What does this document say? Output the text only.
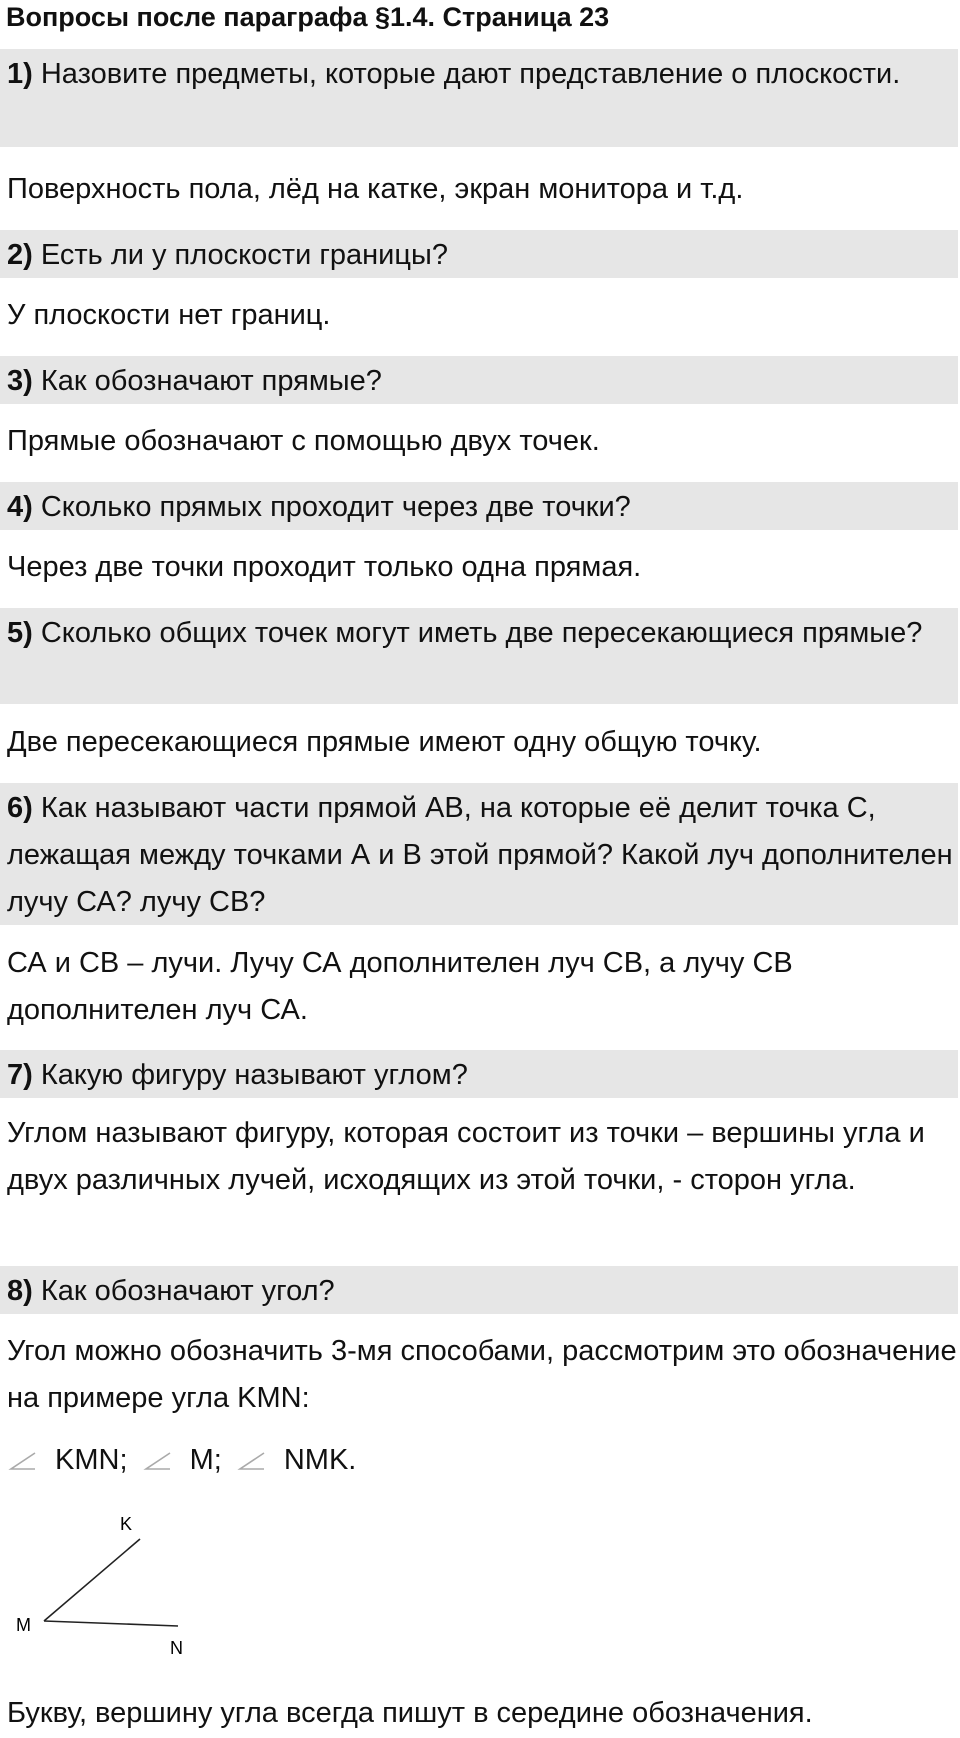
Вопросы после параграфа §1.4. Страница 23
1) Назовите предметы, которые дают представление о плоскости.
Поверхность пола, лёд на катке, экран монитора и т.д.
2) Есть ли у плоскости границы?
У плоскости нет границ.
3) Как обозначают прямые?
Прямые обозначают с помощью двух точек.
4) Сколько прямых проходит через две точки?
Через две точки проходит только одна прямая.
5) Сколько общих точек могут иметь две пересекающиеся прямые?
Две пересекающиеся прямые имеют одну общую точку.
6) Как называют части прямой АВ, на которые её делит точка С, лежащая между точками А и В этой прямой? Какой луч дополнителен лучу СА? лучу СВ?
СА и СВ – лучи. Лучу СА дополнителен луч СВ, а лучу СВ дополнителен луч СА.
7) Какую фигуру называют углом?
Углом называют фигуру, которая состоит из точки – вершины угла и двух различных лучей, исходящих из этой точки, - сторон угла.
8) Как обозначают угол?
Угол можно обозначить 3-мя способами, рассмотрим это обозначение на примере угла KMN:
KMN; M; NMK.
K
M
N
Букву, вершину угла всегда пишут в середине обозначения.
